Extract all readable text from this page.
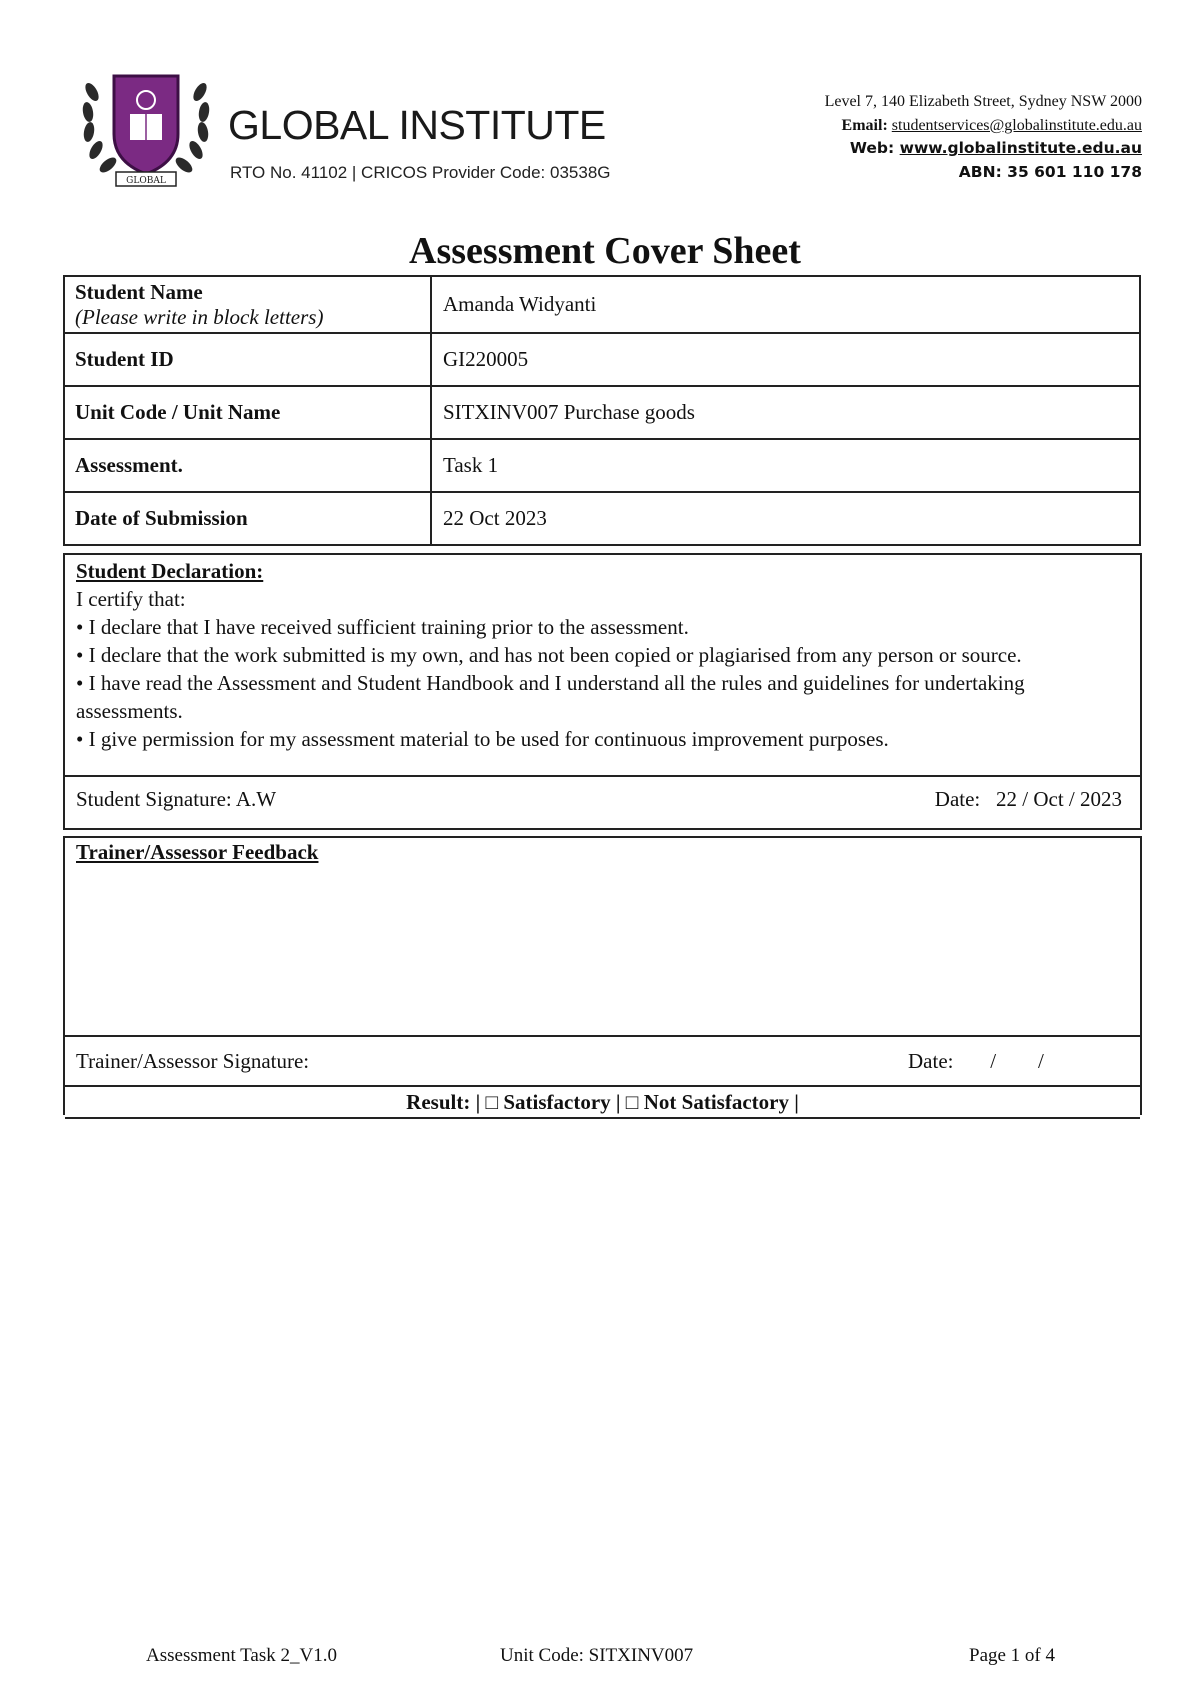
GLOBAL
GLOBAL INSTITUTE
RTO No. 41102 | CRICOS Provider Code: 03538G
Level 7, 140 Elizabeth Street, Sydney NSW 2000
Email: studentservices@globalinstitute.edu.au
Web: www.globalinstitute.edu.au
ABN: 35 601 110 178
Assessment Cover Sheet
Student Name
(Please write in block letters)	Amanda Widyanti
Student ID	GI220005
Unit Code / Unit Name	SITXINV007 Purchase goods
Assessment.	Task 1
Date of Submission	22 Oct 2023
Student Declaration:
I certify that:
• I declare that I have received sufficient training prior to the assessment.
• I declare that the work submitted is my own, and has not been copied or plagiarised from any person or source.
• I have read the Assessment and Student Handbook and I understand all the rules and guidelines for undertaking assessments.
• I give permission for my assessment material to be used for continuous improvement purposes.
Student Signature: A.W	Date:   22 / Oct / 2023
Trainer/Assessor Feedback
Trainer/Assessor Signature:	Date:       /        /
Result: | □ Satisfactory | □ Not Satisfactory |
Assessment Task 2_V1.0	Unit Code: SITXINV007	Page 1 of 4
